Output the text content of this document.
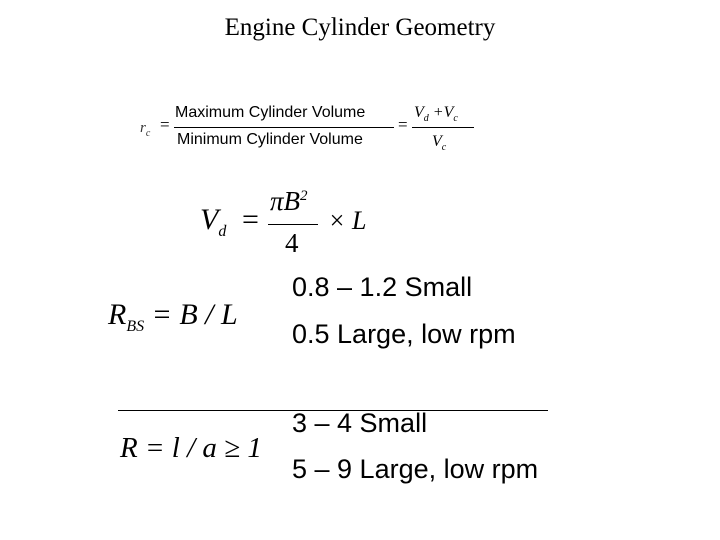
Engine Cylinder Geometry
$r_c$ =
Maximum Cylinder Volume
Minimum Cylinder Volume
=
$V_d +V_c$
$V_c$
$V_d$ =
$\pi B^2$
4
× L
$R_{BS} = B / L$
0.8 – 1.2 Small
0.5 Large, low rpm
R = l / a ≥ 1
3 – 4 Small
5 – 9 Large, low rpm
